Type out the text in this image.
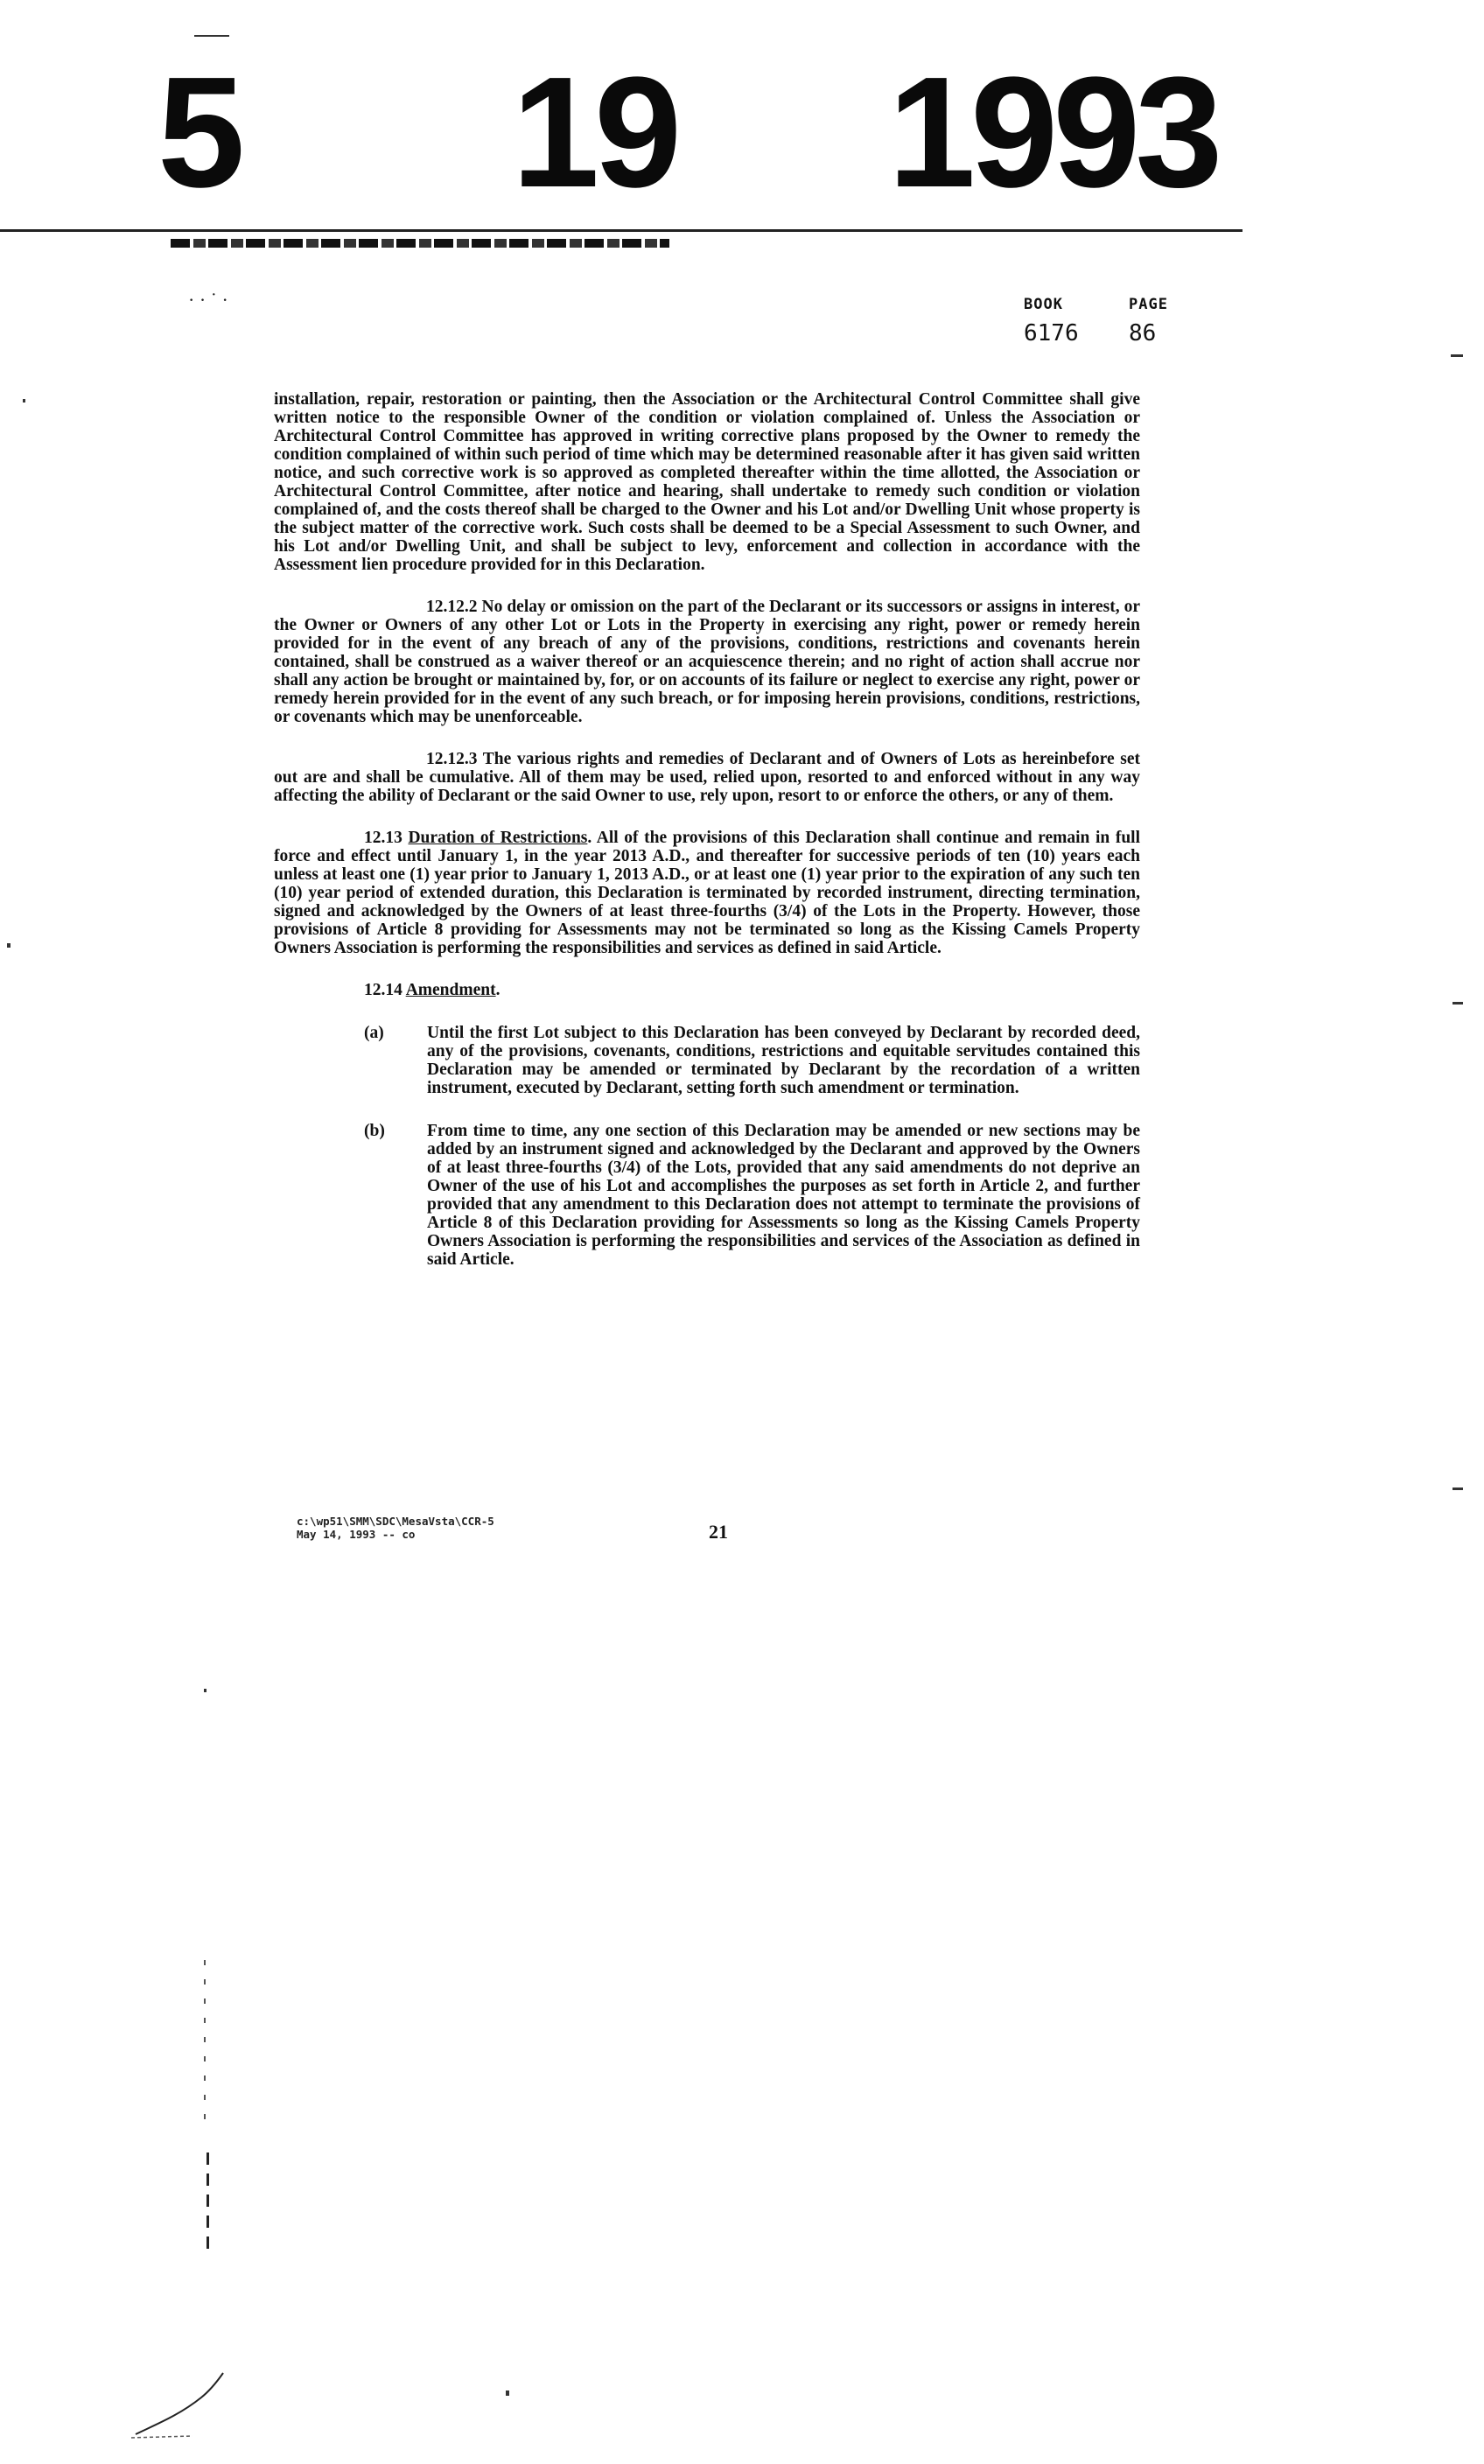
5 19 1993
· · ˙ ·	BOOK	PAGE
6176 86

installation, repair, restoration or painting, then the Association or the Architectural Control Committee shall give written notice to the responsible Owner of the condition or violation complained of. Unless the Association or Architectural Control Committee has approved in writing corrective plans proposed by the Owner to remedy the condition complained of within such period of time which may be determined reasonable after it has given said written notice, and such corrective work is so approved as completed thereafter within the time allotted, the Association or Architectural Control Committee, after notice and hearing, shall undertake to remedy such condition or violation complained of, and the costs thereof shall be charged to the Owner and his Lot and/or Dwelling Unit whose property is the subject matter of the corrective work. Such costs shall be deemed to be a Special Assessment to such Owner, and his Lot and/or Dwelling Unit, and shall be subject to levy, enforcement and collection in accordance with the Assessment lien procedure provided for in this Declaration.

12.12.2 No delay or omission on the part of the Declarant or its successors or assigns in interest, or the Owner or Owners of any other Lot or Lots in the Property in exercising any right, power or remedy herein provided for in the event of any breach of any of the provisions, conditions, restrictions and covenants herein contained, shall be construed as a waiver thereof or an acquiescence therein; and no right of action shall accrue nor shall any action be brought or maintained by, for, or on accounts of its failure or neglect to exercise any right, power or remedy herein provided for in the event of any such breach, or for imposing herein provisions, conditions, restrictions, or covenants which may be unenforceable.

12.12.3 The various rights and remedies of Declarant and of Owners of Lots as hereinbefore set out are and shall be cumulative. All of them may be used, relied upon, resorted to and enforced without in any way affecting the ability of Declarant or the said Owner to use, rely upon, resort to or enforce the others, or any of them.

12.13 Duration of Restrictions. All of the provisions of this Declaration shall continue and remain in full force and effect until January 1, in the year 2013 A.D., and thereafter for successive periods of ten (10) years each unless at least one (1) year prior to January 1, 2013 A.D., or at least one (1) year prior to the expiration of any such ten (10) year period of extended duration, this Declaration is terminated by recorded instrument, directing termination, signed and acknowledged by the Owners of at least three-fourths (3/4) of the Lots in the Property. However, those provisions of Article 8 providing for Assessments may not be terminated so long as the Kissing Camels Property Owners Association is performing the responsibilities and services as defined in said Article.

12.14 Amendment.

(a)	Until the first Lot subject to this Declaration has been conveyed by Declarant by recorded deed, any of the provisions, covenants, conditions, restrictions and equitable servitudes contained this Declaration may be amended or terminated by Declarant by the recordation of a written instrument, executed by Declarant, setting forth such amendment or termination.
(b)	From time to time, any one section of this Declaration may be amended or new sections may be added by an instrument signed and acknowledged by the Declarant and approved by the Owners of at least three-fourths (3/4) of the Lots, provided that any said amendments do not deprive an Owner of the use of his Lot and accomplishes the purposes as set forth in Article 2, and further provided that any amendment to this Declaration does not attempt to terminate the provisions of Article 8 of this Declaration providing for Assessments so long as the Kissing Camels Property Owners Association is performing the responsibilities and services of the Association as defined in said Article.
c:\wp51\SMM\SDC\MesaVsta\CCR-5
May 14, 1993 -- co	21
